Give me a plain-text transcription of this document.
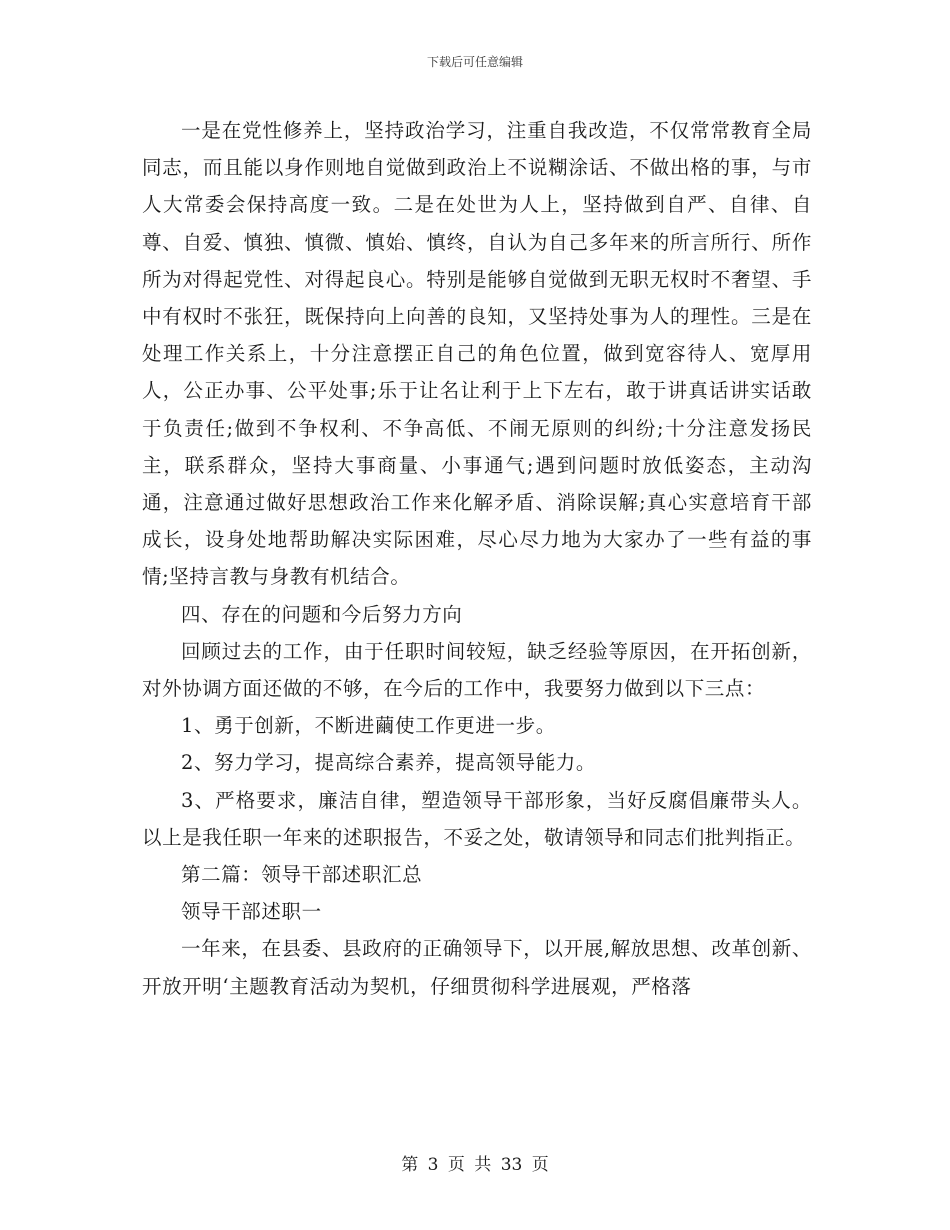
下载后可任意编辑

一是在党性修养上，坚持政治学习，注重自我改造，不仅常常教育全局同志，而且能以身作则地自觉做到政治上不说糊涂话、不做出格的事，与市人大常委会保持高度一致。二是在处世为人上，坚持做到自严、自律、自尊、自爱、慎独、慎微、慎始、慎终，自认为自己多年来的所言所行、所作所为对得起党性、对得起良心。特别是能够自觉做到无职无权时不奢望、手中有权时不张狂，既保持向上向善的良知，又坚持处事为人的理性。三是在处理工作关系上，十分注意摆正自己的角色位置，做到宽容待人、宽厚用人，公正办事、公平处事;乐于让名让利于上下左右，敢于讲真话讲实话敢于负责任;做到不争权利、不争高低、不闹无原则的纠纷;十分注意发扬民主，联系群众，坚持大事商量、小事通气;遇到问题时放低姿态，主动沟通，注意通过做好思想政治工作来化解矛盾、消除误解;真心实意培育干部成长，设身处地帮助解决实际困难，尽心尽力地为大家办了一些有益的事情;坚持言教与身教有机结合。

四、存在的问题和今后努力方向

回顾过去的工作，由于任职时间较短，缺乏经验等原因，在开拓创新，对外协调方面还做的不够，在今后的工作中，我要努力做到以下三点：

1、勇于创新，不断进繭使工作更进一步。

2、努力学习，提高综合素养，提高领导能力。

3、严格要求，廉洁自律，塑造领导干部形象，当好反腐倡廉带头人。以上是我任职一年来的述职报告，不妥之处，敬请领导和同志们批判指正。

第二篇：领导干部述职汇总

领导干部述职一

一年来，在县委、县政府的正确领导下，以开展,解放思想、改革创新、开放开明‘主题教育活动为契机，仔细贯彻科学进展观，严格落

第 3 页 共 33 页
